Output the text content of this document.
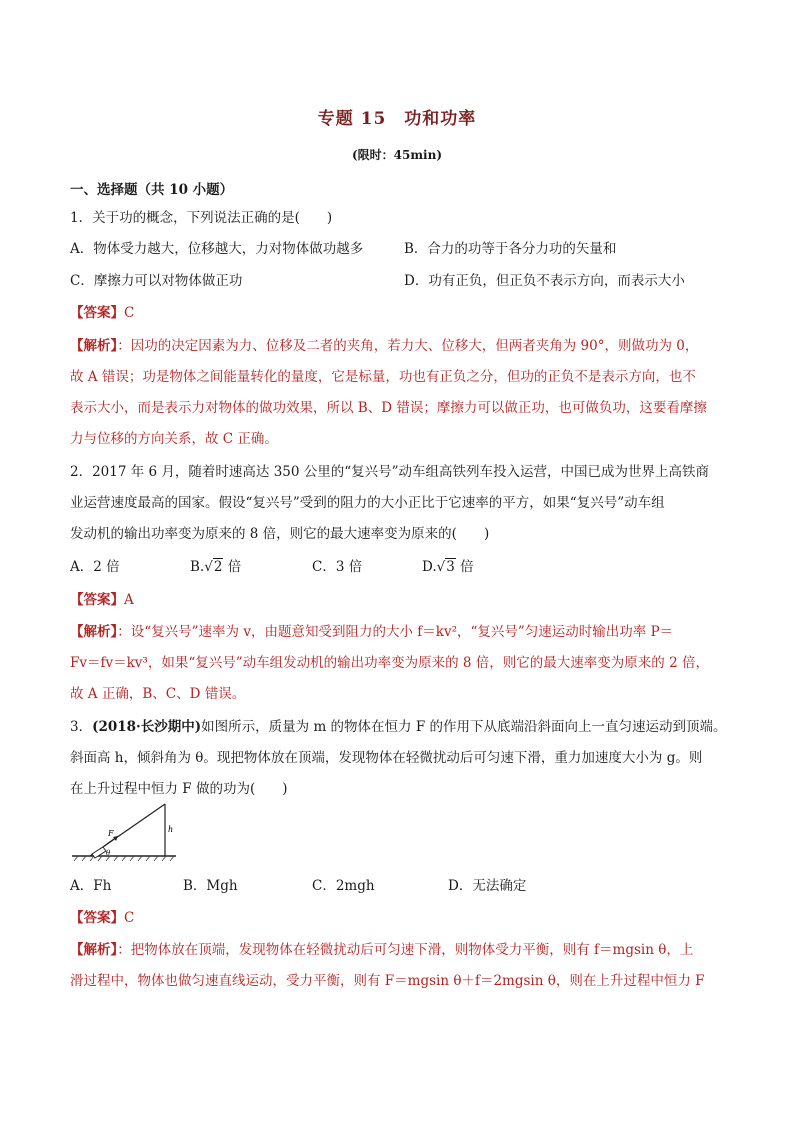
专题 15　功和功率
(限时：45min)
一、选择题（共 10 小题）
1．关于功的概念，下列说法正确的是(　　)
A．物体受力越大，位移越大，力对物体做功越多	B．合力的功等于各分力功的矢量和
C．摩擦力可以对物体做正功	D．功有正负，但正负不表示方向，而表示大小
【答案】C
【解析】：因功的决定因素为力、位移及二者的夹角，若力大、位移大，但两者夹角为 90°，则做功为 0，
故 A 错误；功是物体之间能量转化的量度，它是标量，功也有正负之分，但功的正负不是表示方向，也不
表示大小，而是表示力对物体的做功效果，所以 B、D 错误；摩擦力可以做正功，也可做负功，这要看摩擦
力与位移的方向关系，故 C 正确。
2．2017 年 6 月，随着时速高达 350 公里的“复兴号”动车组高铁列车投入运营，中国已成为世界上高铁商
业运营速度最高的国家。假设“复兴号”受到的阻力的大小正比于它速率的平方，如果“复兴号”动车组
发动机的输出功率变为原来的 8 倍，则它的最大速率变为原来的(　　)
A．2 倍	B.√2 倍	C．3 倍	D.√3 倍
【答案】A
【解析】：设“复兴号”速率为 v，由题意知受到阻力的大小 f＝kv²，“复兴号”匀速运动时输出功率 P＝
Fv＝fv＝kv³，如果“复兴号”动车组发动机的输出功率变为原来的 8 倍，则它的最大速率变为原来的 2 倍，
故 A 正确，B、C、D 错误。
3．(2018·长沙期中)如图所示，质量为 m 的物体在恒力 F 的作用下从底端沿斜面向上一直匀速运动到顶端。
斜面高 h，倾斜角为 θ。现把物体放在顶端，发现物体在轻微扰动后可匀速下滑，重力加速度大小为 g。则
在上升过程中恒力 F 做的功为(　　)
F	h
θ
A．Fh	B．Mgh	C．2mgh	D．无法确定
【答案】C
【解析】：把物体放在顶端，发现物体在轻微扰动后可匀速下滑，则物体受力平衡，则有 f＝mgsin θ，上
滑过程中，物体也做匀速直线运动，受力平衡，则有 F＝mgsin θ＋f＝2mgsin θ，则在上升过程中恒力 F
